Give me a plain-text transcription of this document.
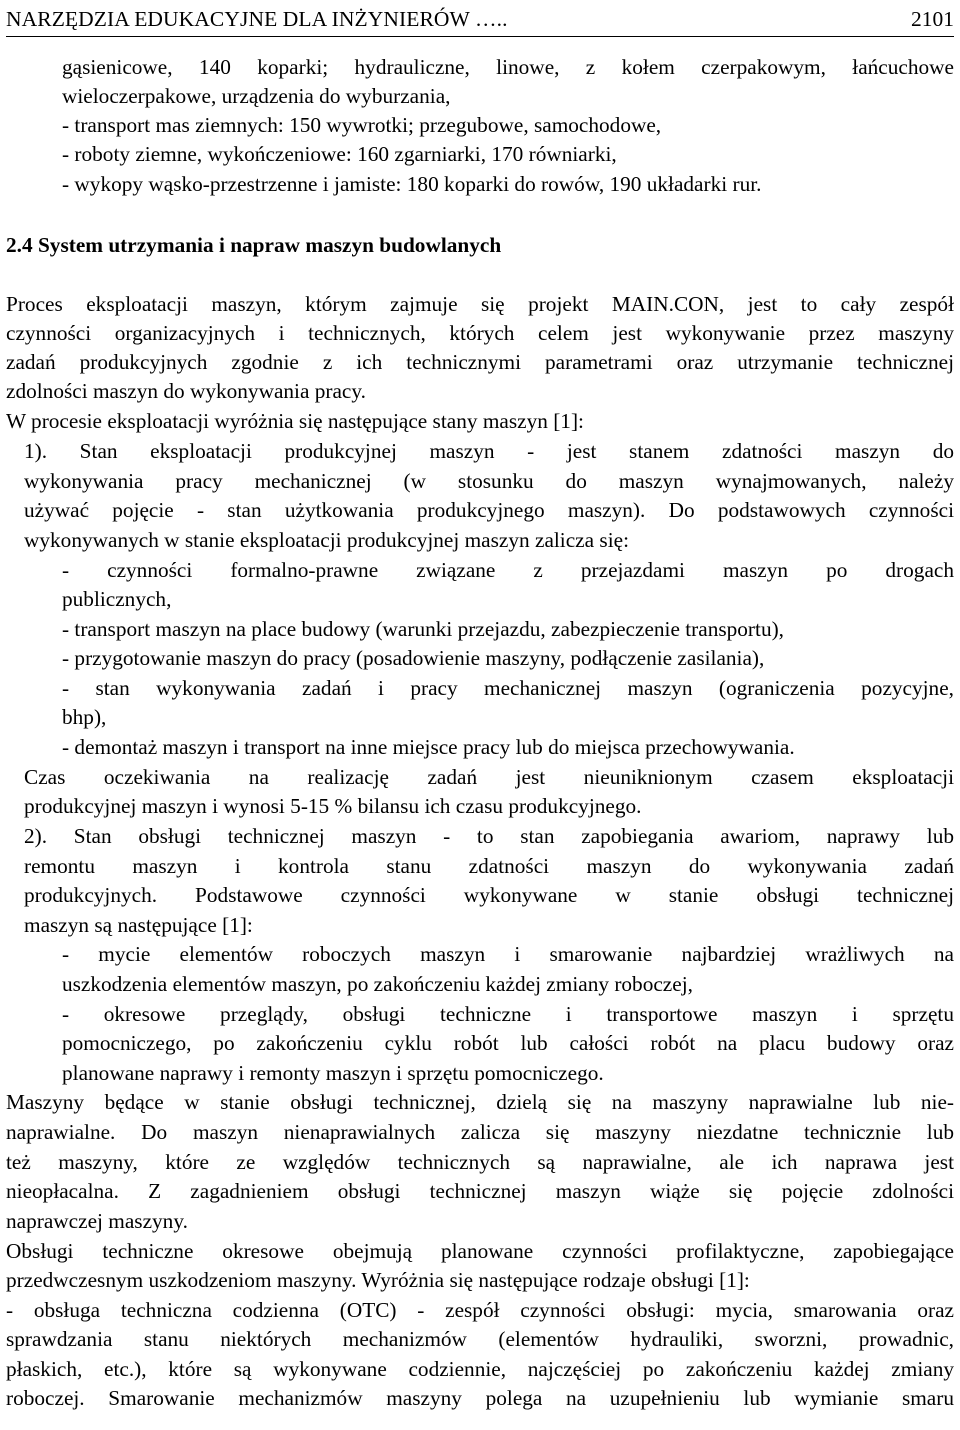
NARZĘDZIA EDUKACYJNE DLA INŻYNIERÓW …..	2101
gąsienicowe, 140 koparki; hydrauliczne, linowe, z kołem czerpakowym, łańcuchowe
wieloczerpakowe, urządzenia do wyburzania,
- transport mas ziemnych: 150 wywrotki; przegubowe, samochodowe,
- roboty ziemne, wykończeniowe: 160 zgarniarki, 170 równiarki,
- wykopy wąsko-przestrzenne i jamiste: 180 koparki do rowów, 190 układarki rur.
2.4 System utrzymania i napraw maszyn budowlanych
Proces eksploatacji maszyn, którym zajmuje się projekt MAIN.CON, jest to cały zespół
czynności organizacyjnych i technicznych, których celem jest wykonywanie przez maszyny
zadań produkcyjnych zgodnie z ich technicznymi parametrami oraz utrzymanie technicznej
zdolności maszyn do wykonywania pracy.
W procesie eksploatacji wyróżnia się następujące stany maszyn [1]:
1). Stan eksploatacji produkcyjnej maszyn - jest stanem zdatności maszyn do
wykonywania pracy mechanicznej (w stosunku do maszyn wynajmowanych, należy
używać pojęcie - stan użytkowania produkcyjnego maszyn). Do podstawowych czynności
wykonywanych w stanie eksploatacji produkcyjnej maszyn zalicza się:
- czynności formalno-prawne związane z przejazdami maszyn po drogach
publicznych,
- transport maszyn na place budowy (warunki przejazdu, zabezpieczenie transportu),
- przygotowanie maszyn do pracy (posadowienie maszyny, podłączenie zasilania),
- stan wykonywania zadań i pracy mechanicznej maszyn (ograniczenia pozycyjne,
bhp),
- demontaż maszyn i transport na inne miejsce pracy lub do miejsca przechowywania.
Czas oczekiwania na realizację zadań jest nieuniknionym czasem eksploatacji
produkcyjnej maszyn i wynosi 5-15 % bilansu ich czasu produkcyjnego.
2). Stan obsługi technicznej maszyn - to stan zapobiegania awariom, naprawy lub
remontu maszyn i kontrola stanu zdatności maszyn do wykonywania zadań
produkcyjnych. Podstawowe czynności wykonywane w stanie obsługi technicznej
maszyn są następujące [1]:
- mycie elementów roboczych maszyn i smarowanie najbardziej wrażliwych na
uszkodzenia elementów maszyn, po zakończeniu każdej zmiany roboczej,
- okresowe przeglądy, obsługi techniczne i transportowe maszyn i sprzętu
pomocniczego, po zakończeniu cyklu robót lub całości robót na placu budowy oraz
planowane naprawy i remonty maszyn i sprzętu pomocniczego.
Maszyny będące w stanie obsługi technicznej, dzielą się na maszyny naprawialne lub nie-
naprawialne. Do maszyn nienaprawialnych zalicza się maszyny niezdatne technicznie lub
też maszyny, które ze względów technicznych są naprawialne, ale ich naprawa jest
nieopłacalna. Z zagadnieniem obsługi technicznej maszyn wiąże się pojęcie zdolności
naprawczej maszyny.
Obsługi techniczne okresowe obejmują planowane czynności profilaktyczne, zapobiegające
przedwczesnym uszkodzeniom maszyny. Wyróżnia się następujące rodzaje obsługi [1]:
- obsługa techniczna codzienna (OTC) - zespół czynności obsługi: mycia, smarowania oraz
sprawdzania stanu niektórych mechanizmów (elementów hydrauliki, sworzni, prowadnic,
płaskich, etc.), które są wykonywane codziennie, najczęściej po zakończeniu każdej zmiany
roboczej. Smarowanie mechanizmów maszyny polega na uzupełnieniu lub wymianie smaru
